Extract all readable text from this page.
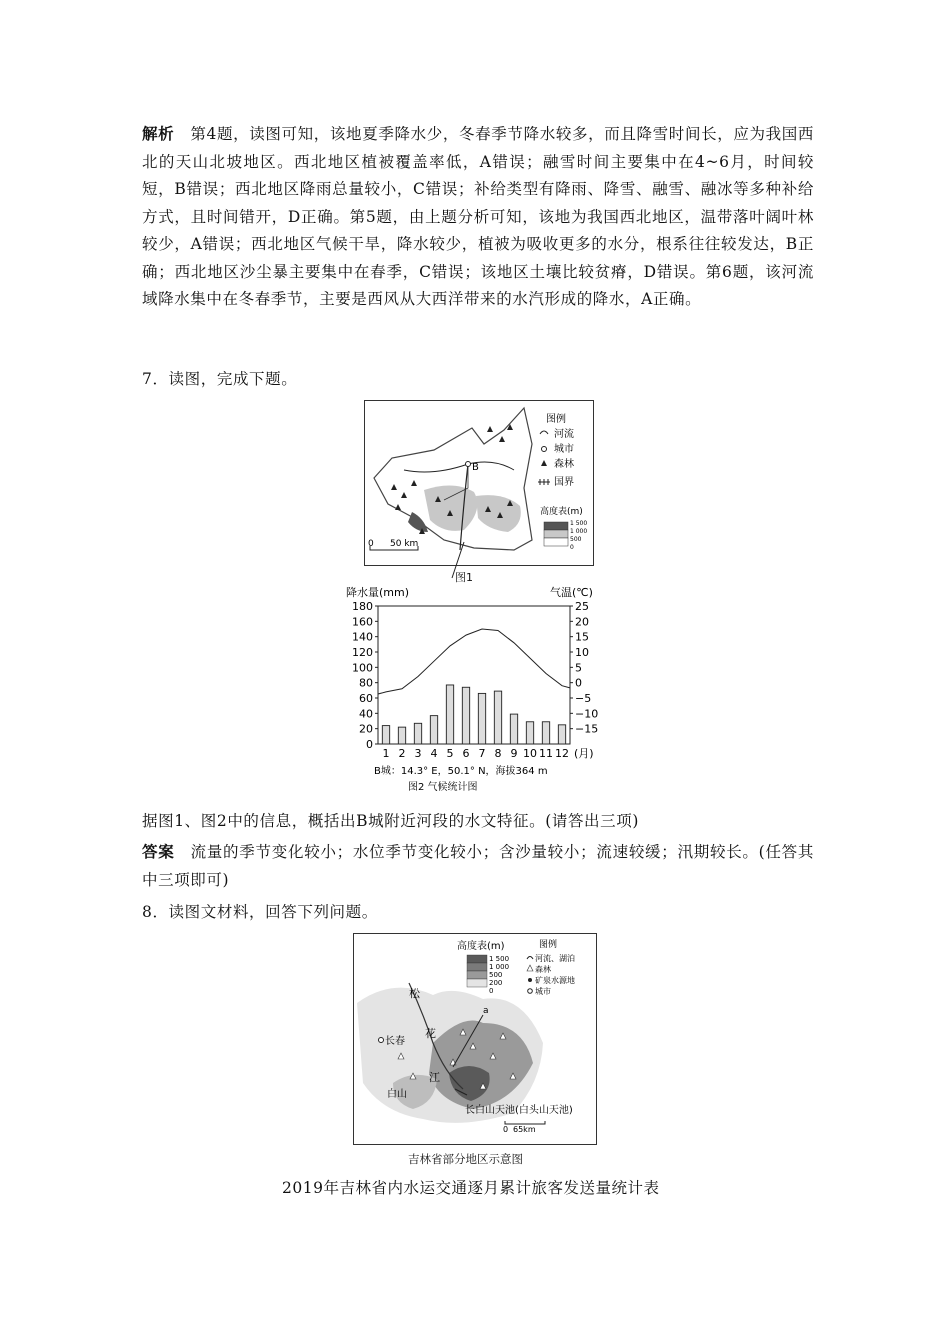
解析 第4题，读图可知，该地夏季降水少，冬春季节降水较多，而且降雪时间长，应为我国西北的天山北坡地区。西北地区植被覆盖率低，A错误；融雪时间主要集中在4~6月，时间较短，B错误；西北地区降雨总量较小，C错误；补给类型有降雨、降雪、融雪、融冰等多种补给方式，且时间错开，D正确。第5题，由上题分析可知，该地为我国西北地区，温带落叶阔叶林较少，A错误；西北地区气候干旱，降水较少，植被为吸收更多的水分，根系往往较发达，B正确；西北地区沙尘暴主要集中在春季，C错误；该地区土壤比较贫瘠，D错误。第6题，该河流域降水集中在冬春季节，主要是西风从大西洋带来的水汽形成的降水，A正确。
7．读图，完成下题。
B
图例
河流
城市
森林
国界
高度表(m)
1 500
1 000
500
0
0 50 km
图1
降水量(mm)	气温(℃)
0
20
40
60
80
100
120
140
160
180
−15
−10
−5
0
5
10
15
20
25
1 2 3 4 5 6 7 8 9 10 11 12 (月)
B城：14.3° E，50.1° N，海拔364 m
图2 气候统计图
据图1、图2中的信息，概括出B城附近河段的水文特征。(请答出三项)
答案 流量的季节变化较小；水位季节变化较小；含沙量较小；流速较缓；汛期较长。(任答其中三项即可)
8．读图文材料，回答下列问题。
a
长白山天池(白头山天池)
松
花
江
长春
白山
高度表(m)
1 500
1 000
500
200
0
图例
河流、湖泊
森林
矿泉水源地
城市
0 65km
吉林省部分地区示意图
2019年吉林省内水运交通逐月累计旅客发送量统计表
